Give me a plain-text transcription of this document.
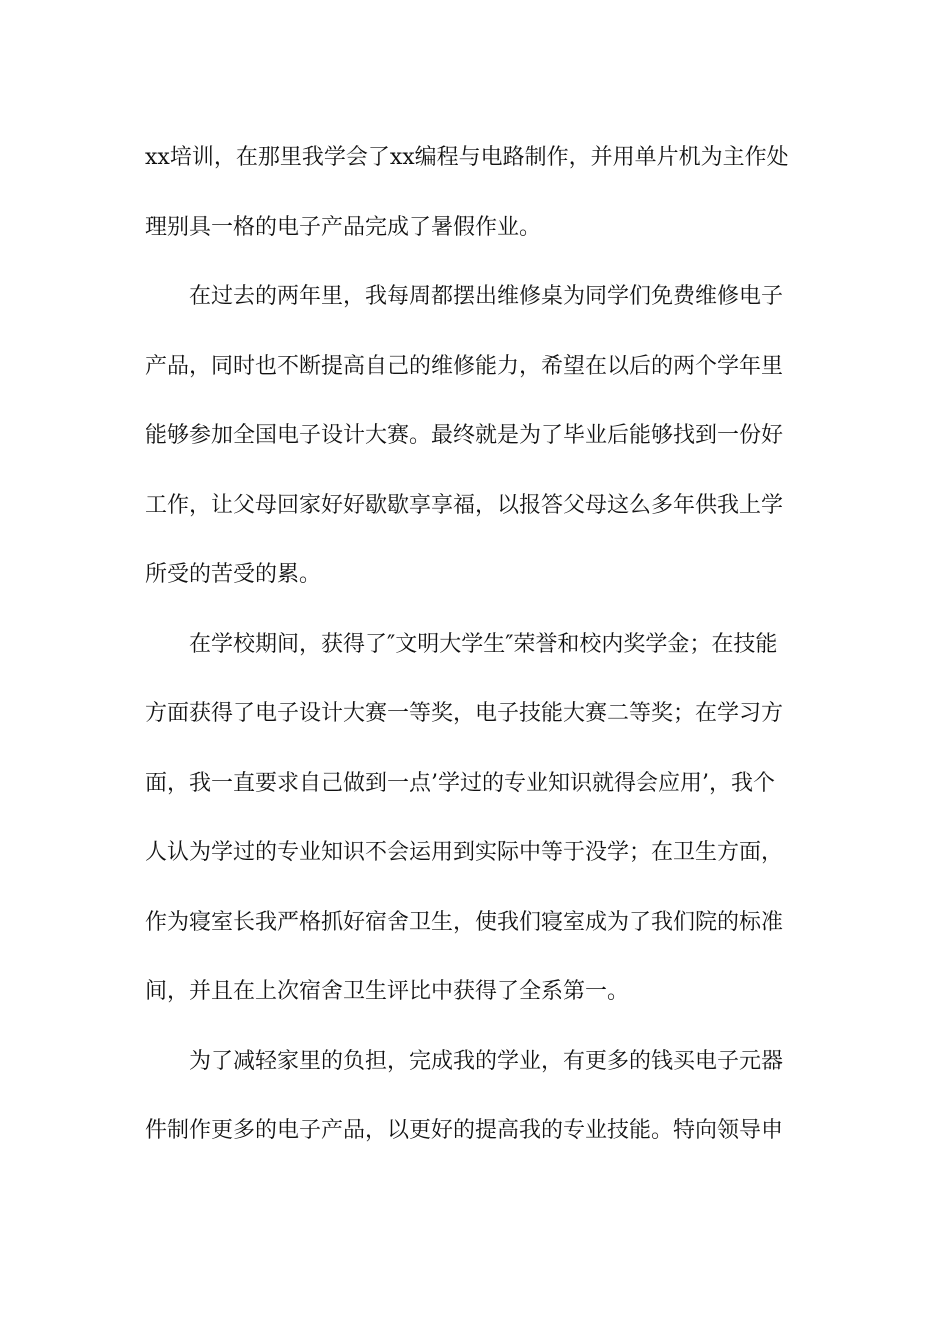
xx培训，在那里我学会了xx编程与电路制作，并用单片机为主作处
理别具一格的电子产品完成了暑假作业。
在过去的两年里，我每周都摆出维修桌为同学们免费维修电子
产品，同时也不断提高自己的维修能力，希望在以后的两个学年里
能够参加全国电子设计大赛。最终就是为了毕业后能够找到一份好
工作，让父母回家好好歇歇享享福，以报答父母这么多年供我上学
所受的苦受的累。
在学校期间，获得了″文明大学生″荣誉和校内奖学金；在技能
方面获得了电子设计大赛一等奖，电子技能大赛二等奖；在学习方
面，我一直要求自己做到一点’学过的专业知识就得会应用’，我个
人认为学过的专业知识不会运用到实际中等于没学；在卫生方面，
作为寝室长我严格抓好宿舍卫生，使我们寝室成为了我们院的标准
间，并且在上次宿舍卫生评比中获得了全系第一。
为了减轻家里的负担，完成我的学业，有更多的钱买电子元器
件制作更多的电子产品，以更好的提高我的专业技能。特向领导申
